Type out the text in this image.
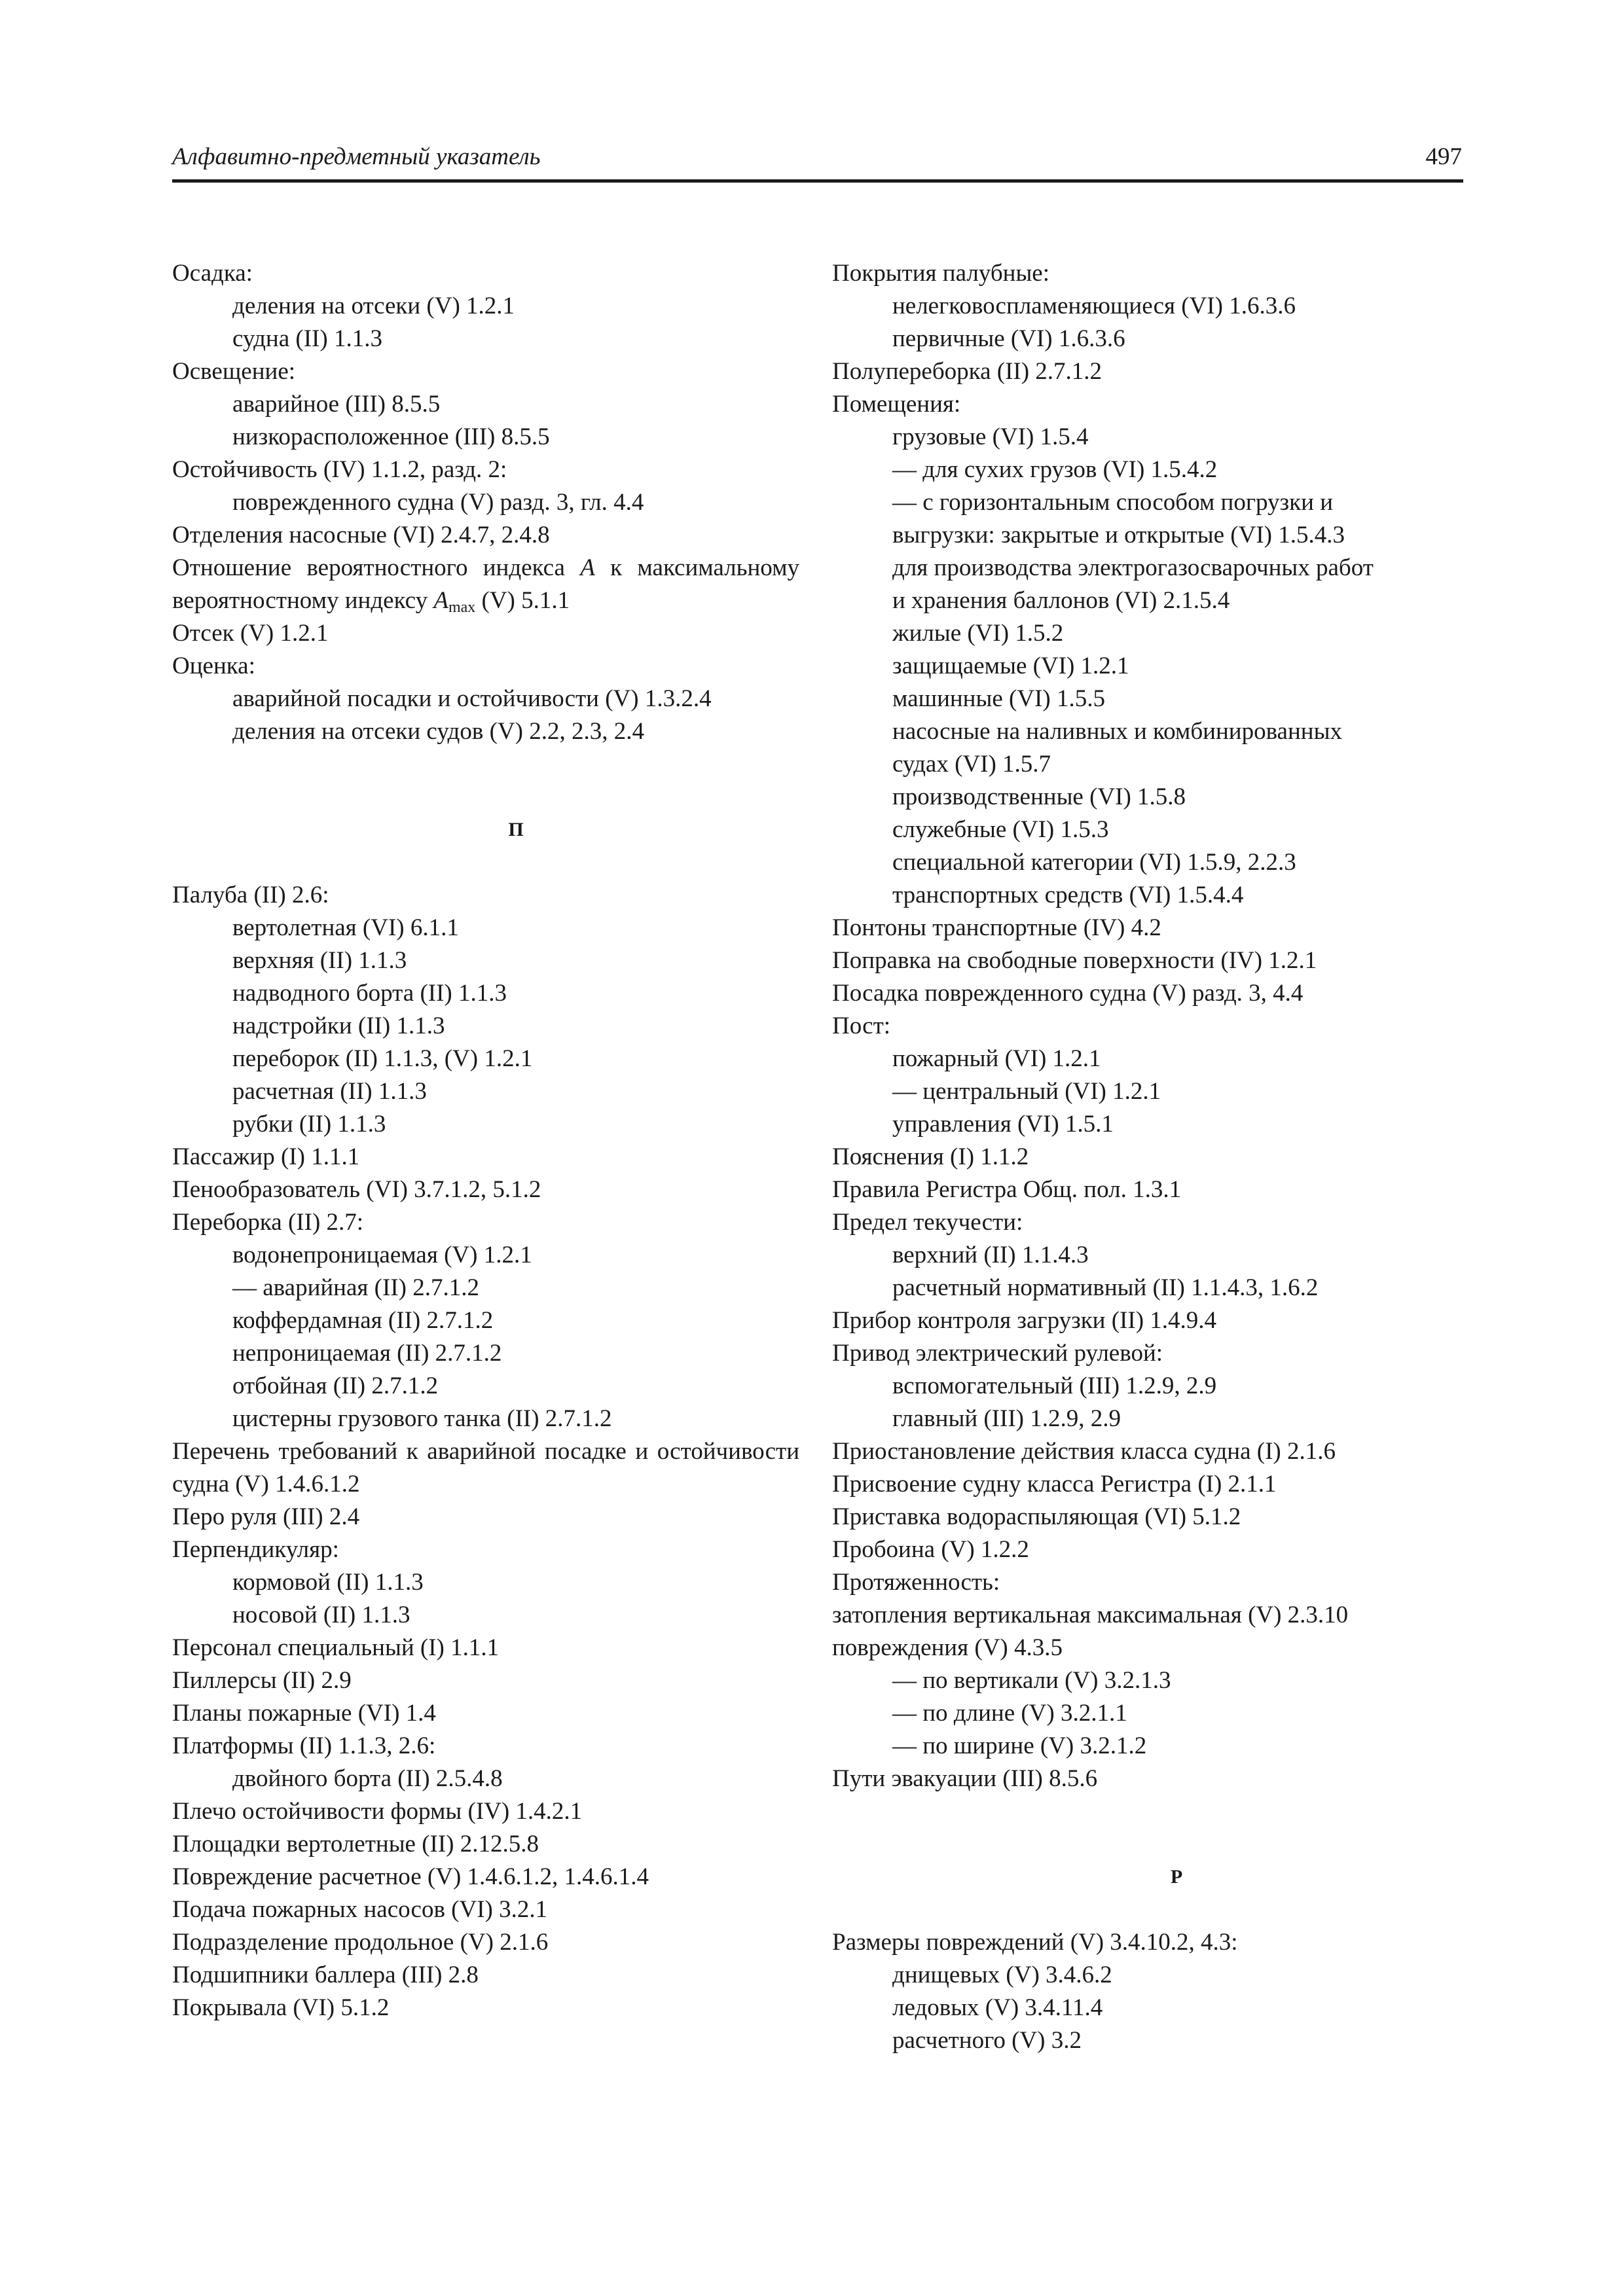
Алфавитно-предметный указатель	497
Осадка:
деления на отсеки (V) 1.2.1
судна (II) 1.1.3
Освещение:
аварийное (III) 8.5.5
низкорасположенное (III) 8.5.5
Остойчивость (IV) 1.1.2, разд. 2:
поврежденного судна (V) разд. 3, гл. 4.4
Отделения насосные (VI) 2.4.7, 2.4.8
Отношение вероятностного индекса A к максимальному вероятностному индексу $A_{max}$ (V) 5.1.1
Отсек (V) 1.2.1
Оценка:
аварийной посадки и остойчивости (V) 1.3.2.4
деления на отсеки судов (V) 2.2, 2.3, 2.4
П
Палуба (II) 2.6:
вертолетная (VI) 6.1.1
верхняя (II) 1.1.3
надводного борта (II) 1.1.3
надстройки (II) 1.1.3
переборок (II) 1.1.3, (V) 1.2.1
расчетная (II) 1.1.3
рубки (II) 1.1.3
Пассажир (I) 1.1.1
Пенообразователь (VI) 3.7.1.2, 5.1.2
Переборка (II) 2.7:
водонепроницаемая (V) 1.2.1
— аварийная (II) 2.7.1.2
коффердамная (II) 2.7.1.2
непроницаемая (II) 2.7.1.2
отбойная (II) 2.7.1.2
цистерны грузового танка (II) 2.7.1.2
Перечень требований к аварийной посадке и остойчивости судна (V) 1.4.6.1.2
Перо руля (III) 2.4
Перпендикуляр:
кормовой (II) 1.1.3
носовой (II) 1.1.3
Персонал специальный (I) 1.1.1
Пиллерсы (II) 2.9
Планы пожарные (VI) 1.4
Платформы (II) 1.1.3, 2.6:
двойного борта (II) 2.5.4.8
Плечо остойчивости формы (IV) 1.4.2.1
Площадки вертолетные (II) 2.12.5.8
Повреждение расчетное (V) 1.4.6.1.2, 1.4.6.1.4
Подача пожарных насосов (VI) 3.2.1
Подразделение продольное (V) 2.1.6
Подшипники баллера (III) 2.8
Покрывала (VI) 5.1.2
Покрытия палубные:
нелегковоспламеняющиеся (VI) 1.6.3.6
первичные (VI) 1.6.3.6
Полупереборка (II) 2.7.1.2
Помещения:
грузовые (VI) 1.5.4
— для сухих грузов (VI) 1.5.4.2
— с горизонтальным способом погрузки и
выгрузки: закрытые и открытые (VI) 1.5.4.3
для производства электрогазосварочных работ
и хранения баллонов (VI) 2.1.5.4
жилые (VI) 1.5.2
защищаемые (VI) 1.2.1
машинные (VI) 1.5.5
насосные на наливных и комбинированных
судах (VI) 1.5.7
производственные (VI) 1.5.8
служебные (VI) 1.5.3
специальной категории (VI) 1.5.9, 2.2.3
транспортных средств (VI) 1.5.4.4
Понтоны транспортные (IV) 4.2
Поправка на свободные поверхности (IV) 1.2.1
Посадка поврежденного судна (V) разд. 3, 4.4
Пост:
пожарный (VI) 1.2.1
— центральный (VI) 1.2.1
управления (VI) 1.5.1
Пояснения (I) 1.1.2
Правила Регистра Общ. пол. 1.3.1
Предел текучести:
верхний (II) 1.1.4.3
расчетный нормативный (II) 1.1.4.3, 1.6.2
Прибор контроля загрузки (II) 1.4.9.4
Привод электрический рулевой:
вспомогательный (III) 1.2.9, 2.9
главный (III) 1.2.9, 2.9
Приостановление действия класса судна (I) 2.1.6
Присвоение судну класса Регистра (I) 2.1.1
Приставка водораспыляющая (VI) 5.1.2
Пробоина (V) 1.2.2
Протяженность:
затопления вертикальная максимальная (V) 2.3.10
повреждения (V) 4.3.5
— по вертикали (V) 3.2.1.3
— по длине (V) 3.2.1.1
— по ширине (V) 3.2.1.2
Пути эвакуации (III) 8.5.6
Р
Размеры повреждений (V) 3.4.10.2, 4.3:
днищевых (V) 3.4.6.2
ледовых (V) 3.4.11.4
расчетного (V) 3.2
